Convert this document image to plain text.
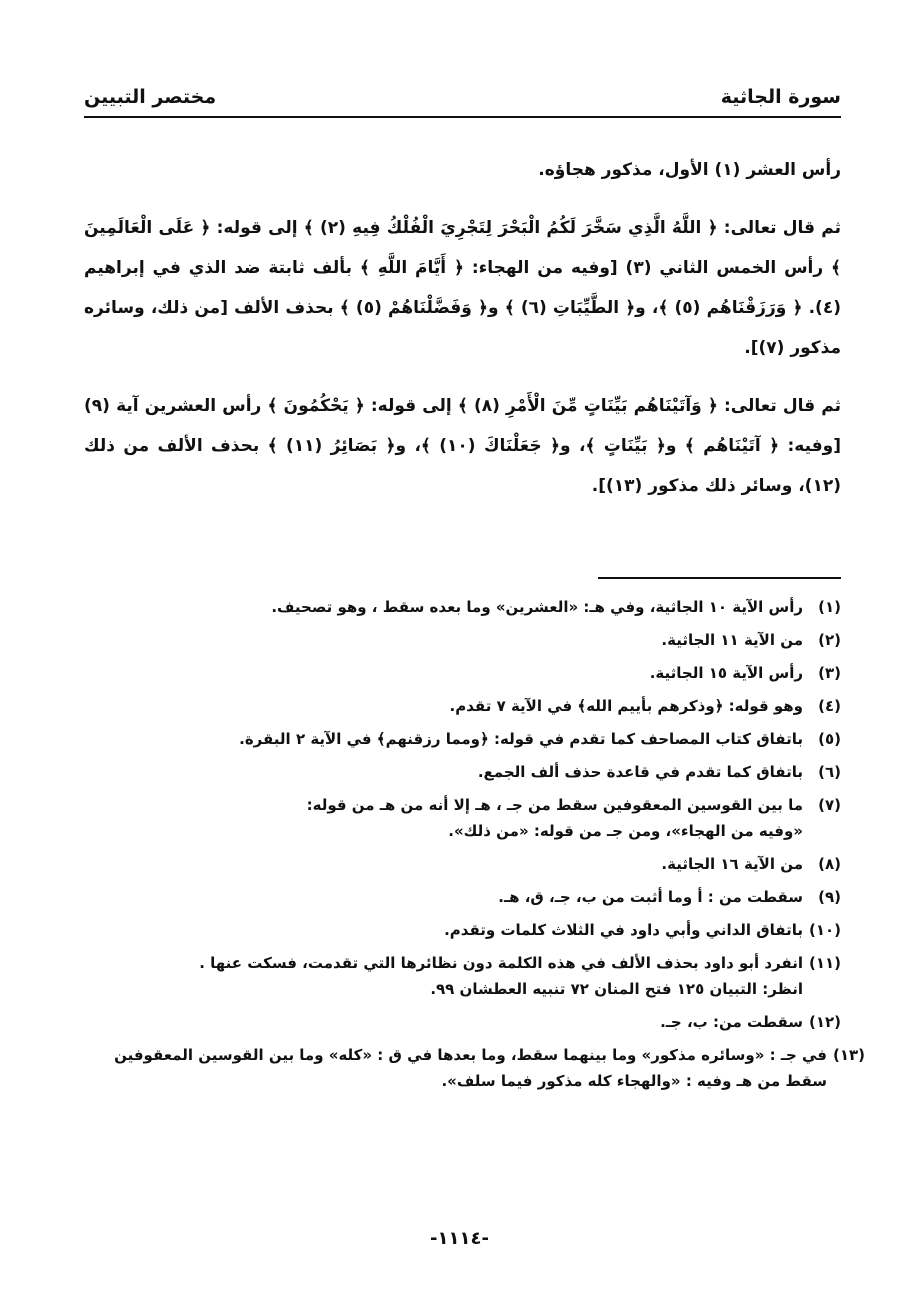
سورة الجاثية
مختصر التبيين

رأس العشر (١) الأول، مذكور هجاؤه.

ثم قال تعالى: ﴿ اللَّهُ الَّذِي سَخَّرَ لَكُمُ الْبَحْرَ لِتَجْرِيَ الْفُلْكُ فِيهِ (٢) ﴾ إلى قوله: ﴿ عَلَى الْعَالَمِينَ ﴾ رأس الخمس الثاني (٣) [وفيه من الهجاء: ﴿ أَيَّامَ اللَّهِ ﴾ بألف ثابتة ضد الذي في إبراهيم (٤). ﴿ وَرَزَقْنَاهُم (٥) ﴾، و﴿ الطَّيِّبَاتِ (٦) ﴾ و﴿ وَفَضَّلْنَاهُمْ (٥) ﴾ بحذف الألف [من ذلك، وسائره مذكور (٧)].

ثم قال تعالى: ﴿ وَآتَيْنَاهُم بَيِّنَاتٍ مِّنَ الْأَمْرِ (٨) ﴾ إلى قوله: ﴿ يَحْكُمُونَ ﴾ رأس العشرين آية (٩) [وفيه: ﴿ آتَيْنَاهُم ﴾ و﴿ بَيِّنَاتٍ ﴾، و﴿ جَعَلْنَاكَ (١٠) ﴾، و﴿ بَصَائِرُ (١١) ﴾ بحذف الألف من ذلك (١٢)، وسائر ذلك مذكور (١٣)].

(١)
رأس الآية ١٠ الجاثية، وفي هـ: «العشرين» وما بعده سقط ، وهو تصحيف.
(٢)
من الآية ١١ الجاثية.
(٣)
رأس الآية ١٥ الجاثية.
(٤)
وهو قوله: ﴿وذكرهم بأييم الله﴾ في الآية ٧ تقدم.
(٥)
باتفاق كتاب المصاحف كما تقدم في قوله: ﴿ومما رزقنهم﴾ في الآية ٢ البقرة.
(٦)
باتفاق كما تقدم في قاعدة حذف ألف الجمع.
(٧)
ما بين القوسين المعقوفين سقط من جـ ، هـ إلا أنه من هـ من قوله:
«وفيه من الهجاء»، ومن جـ من قوله: «من ذلك».
(٨)
من الآية ١٦ الجاثية.
(٩)
سقطت من : أ وما أثبت من ب، جـ، ق، هـ.
(١٠)
باتفاق الداني وأبي داود في الثلاث كلمات وتقدم.
(١١)
انفرد أبو داود بحذف الألف في هذه الكلمة دون نظائرها التي تقدمت، فسكت عنها .
انظر: التبيان ١٢٥ فتح المنان ٧٢ تنبيه العطشان ٩٩.
(١٢)
سقطت من: ب، جـ.
(١٣)
في جـ : «وسائره مذكور» وما بينهما سقط، وما بعدها في ق : «كله» وما بين القوسين المعقوفين سقط من هـ وفيه : «والهجاء كله مذكور فيما سلف».
-١١١٤-
